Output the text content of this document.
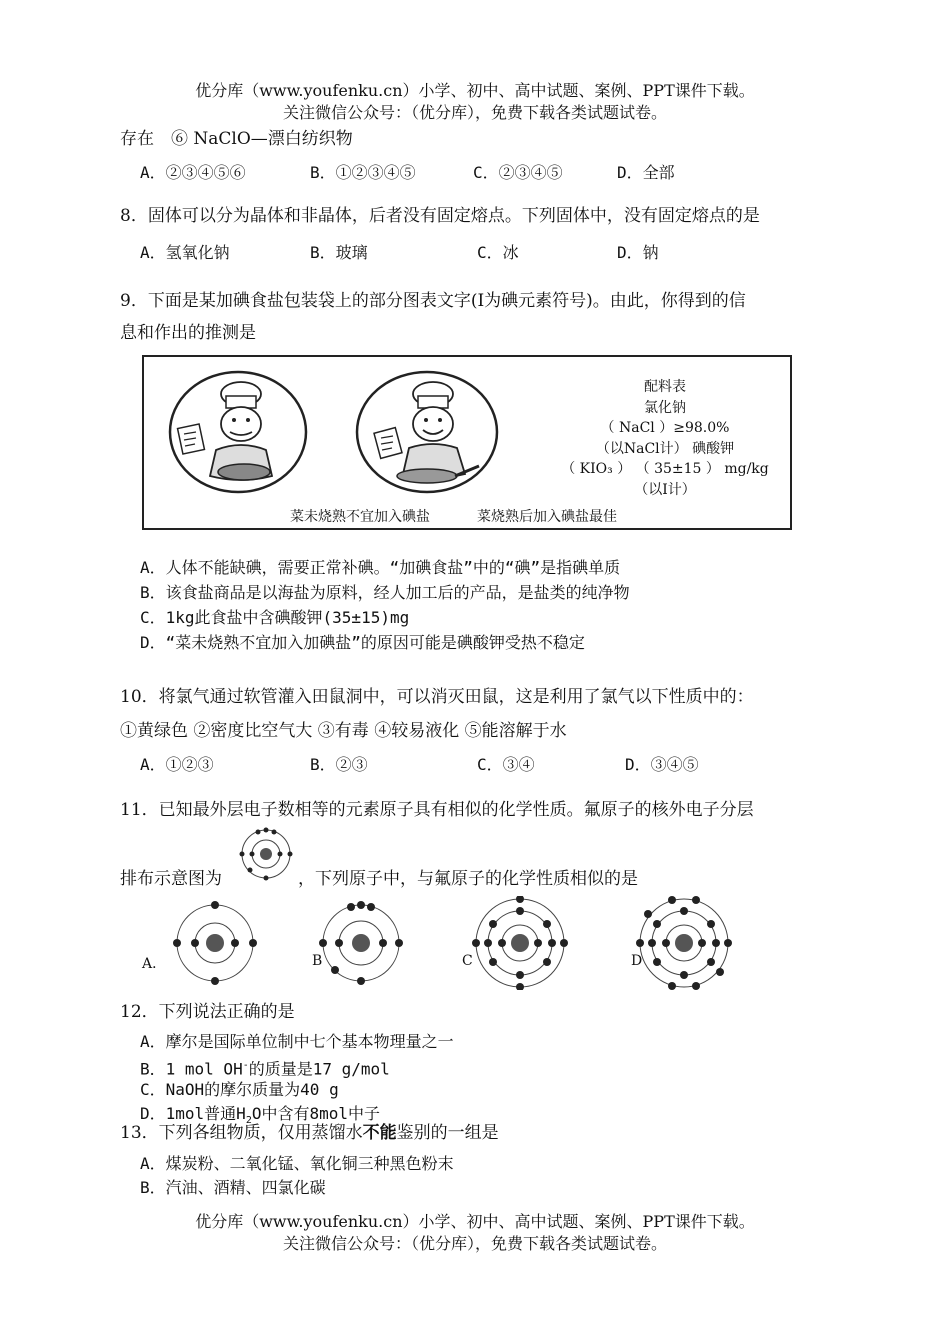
优分库（www.youfenku.cn）小学、初中、高中试题、案例、PPT课件下载。
关注微信公众号：（优分库），免费下载各类试题试卷。
存在　⑥ NaClO—漂白纺织物
A．②③④⑤⑥	B．①②③④⑤	C．②③④⑤	D．全部
8．固体可以分为晶体和非晶体，后者没有固定熔点。下列固体中，没有固定熔点的是
A．氢氧化钠	B．玻璃	C．冰	D．钠
9．下面是某加碘食盐包装袋上的部分图表文字(I为碘元素符号)。由此，你得到的信
息和作出的推测是
配料表
氯化钠
（ NaCl ）≥98.0%
（以NaCl计） 碘酸钾
（ KIO₃ ） （ 35±15 ） mg/kg
（以I计）
菜未烧熟不宜加入碘盐	菜烧熟后加入碘盐最佳
A．人体不能缺碘，需要正常补碘。“加碘食盐”中的“碘”是指碘单质
B．该食盐商品是以海盐为原料，经人加工后的产品，是盐类的纯净物
C．1kg此食盐中含碘酸钾(35±15)mg
D．“菜未烧熟不宜加入加碘盐”的原因可能是碘酸钾受热不稳定
10．将氯气通过软管灌入田鼠洞中，可以消灭田鼠，这是利用了氯气以下性质中的：
①黄绿色 ②密度比空气大 ③有毒 ④较易液化 ⑤能溶解于水
A．①②③	B．②③	C．③④	D．③④⑤
11．已知最外层电子数相等的元素原子具有相似的化学性质。氟原子的核外电子分层
排布示意图为	，下列原子中，与氟原子的化学性质相似的是
A．	B	C	D
12．下列说法正确的是
A．摩尔是国际单位制中七个基本物理量之一
B．1 mol OH-的质量是17 g/mol
C．NaOH的摩尔质量为40 g
D．1mol普通$H_2O$中含有8mol中子
13．下列各组物质，仅用蒸馏水不能鉴别的一组是
A．煤炭粉、二氧化锰、氧化铜三种黑色粉末
B．汽油、酒精、四氯化碳
优分库（www.youfenku.cn）小学、初中、高中试题、案例、PPT课件下载。
关注微信公众号：（优分库），免费下载各类试题试卷。
